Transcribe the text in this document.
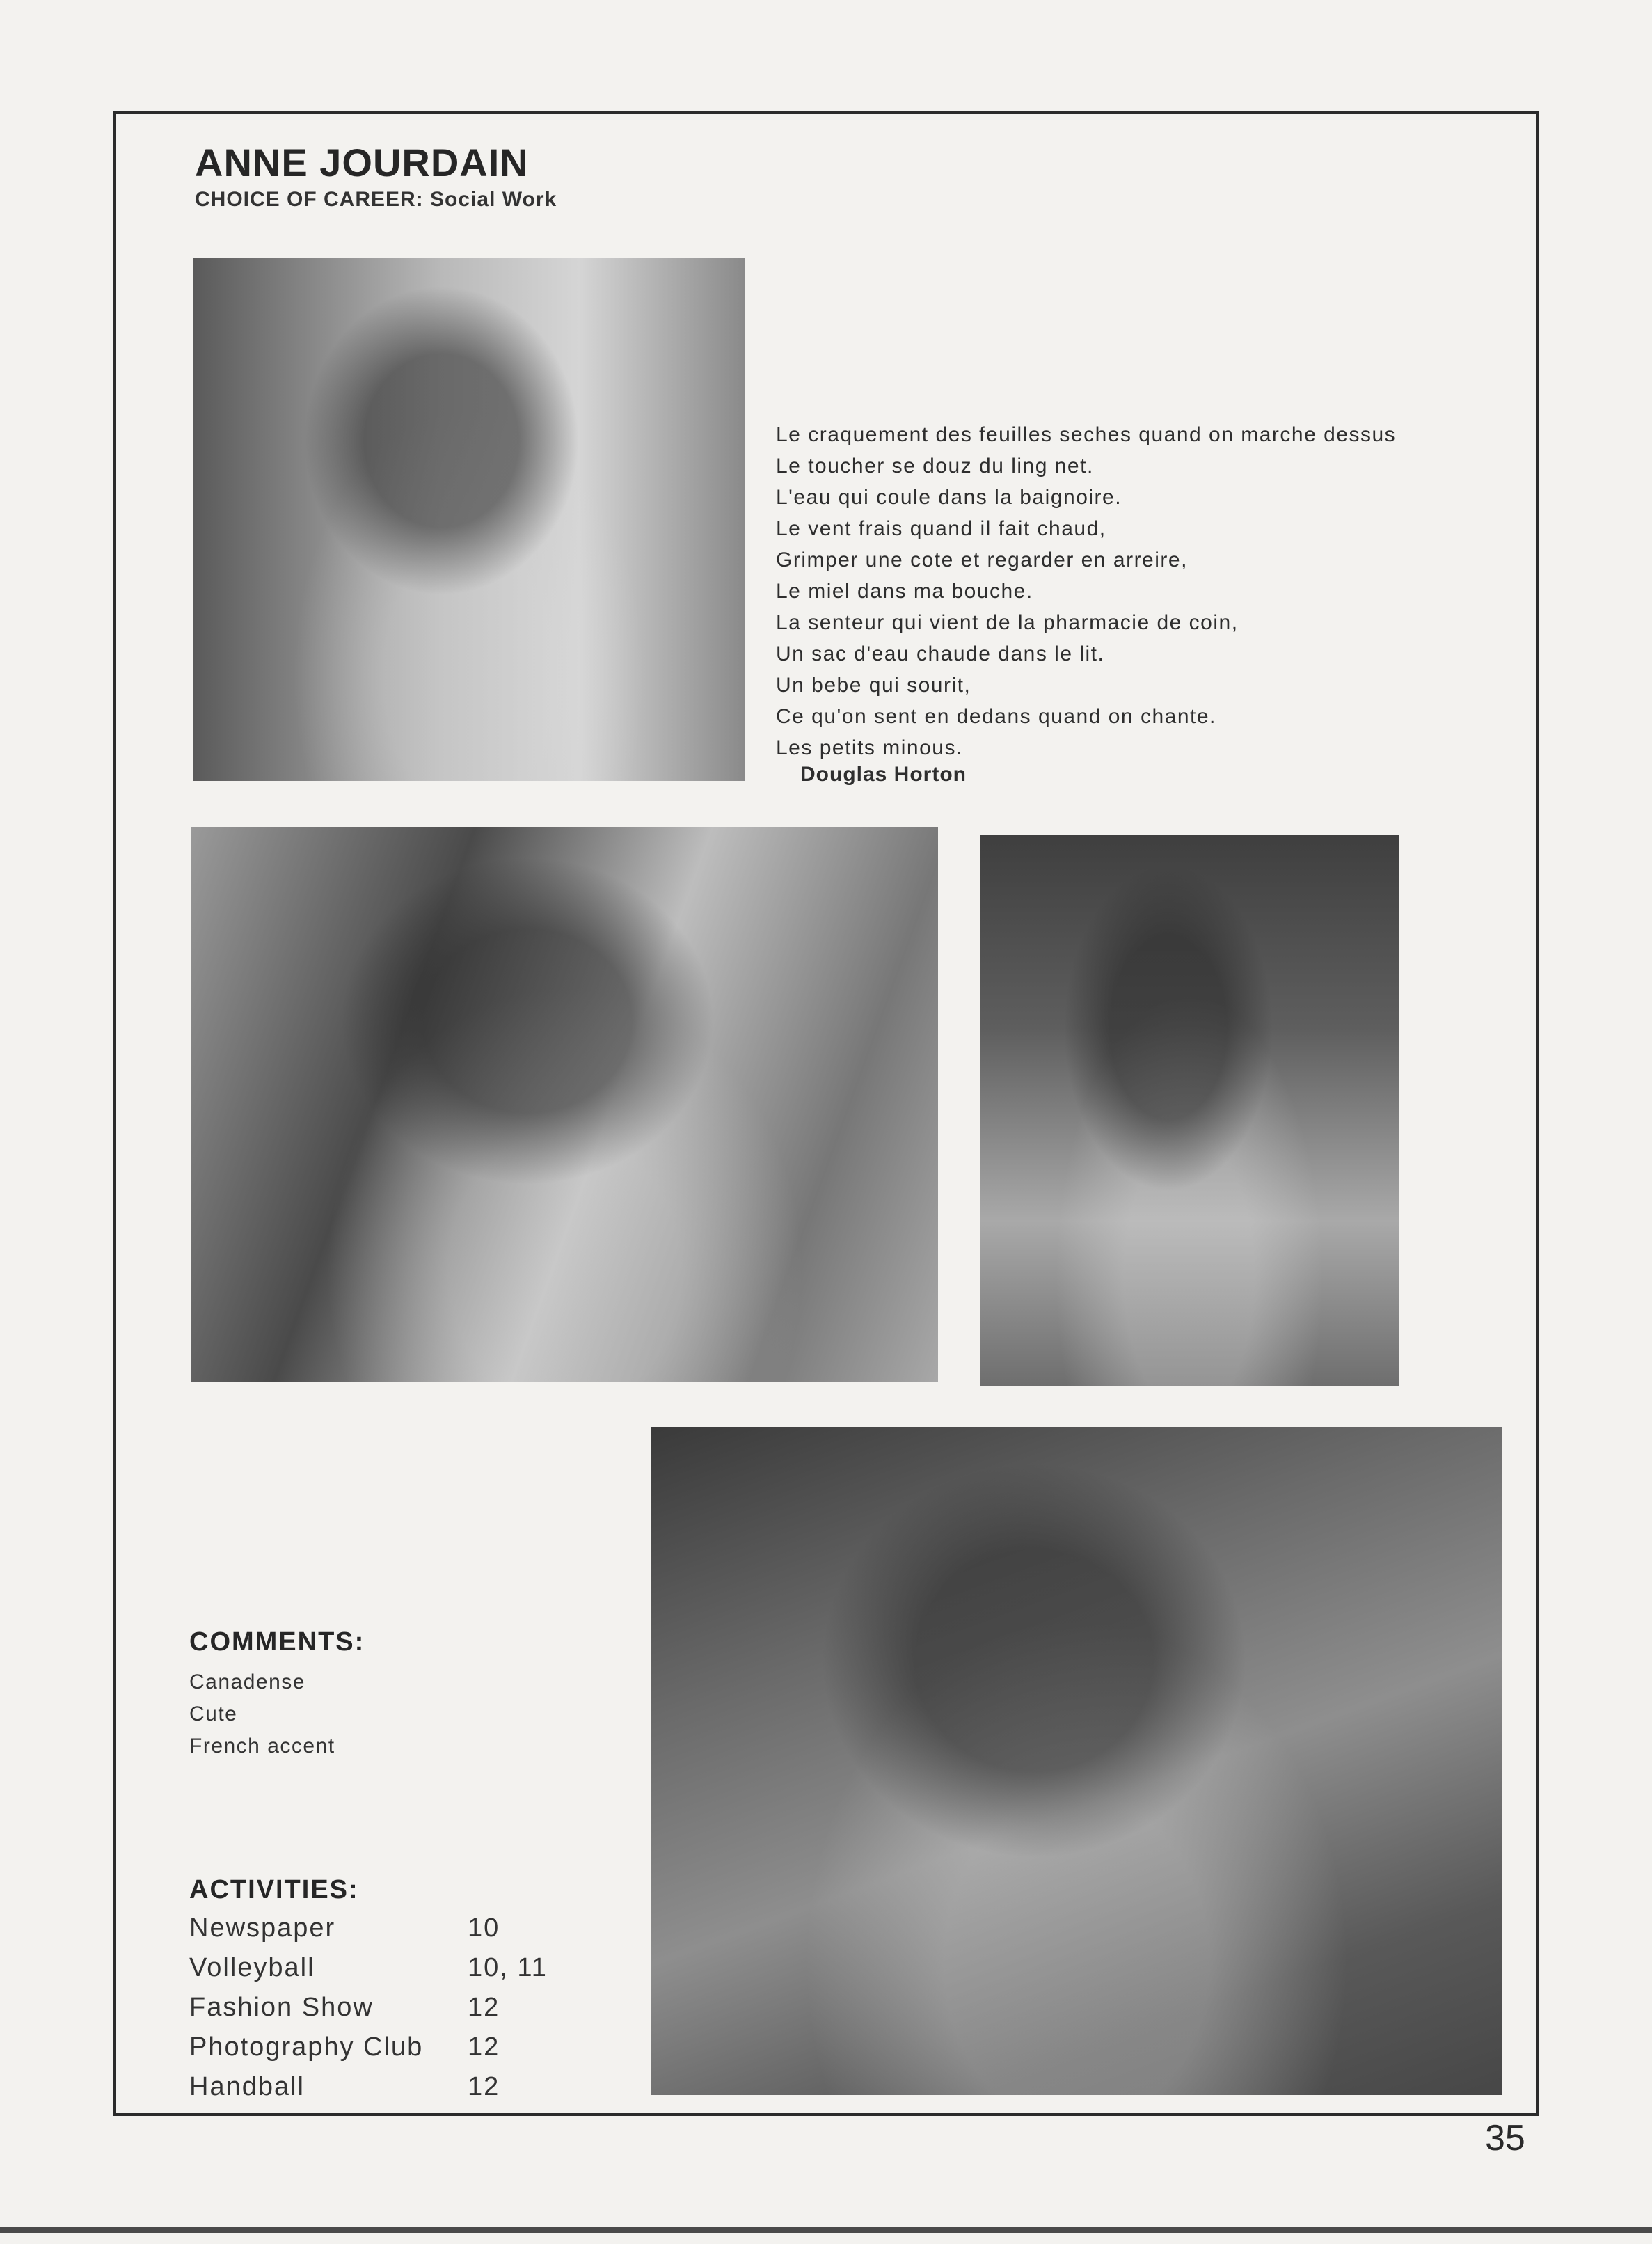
ANNE JOURDAIN
CHOICE OF CAREER: Social Work
Le craquement des feuilles seches quand on marche dessus
Le toucher se douz du ling net.
L'eau qui coule dans la baignoire.
Le vent frais quand il fait chaud,
Grimper une cote et regarder en arreire,
Le miel dans ma bouche.
La senteur qui vient de la pharmacie de coin,
Un sac d'eau chaude dans le lit.
Un bebe qui sourit,
Ce qu'on sent en dedans quand on chante.
Les petits minous.
Douglas Horton
COMMENTS:
Canadense
Cute
French accent
ACTIVITIES:
Newspaper	10
Volleyball	10, 11
Fashion Show	12
Photography Club	12
Handball	12
35
